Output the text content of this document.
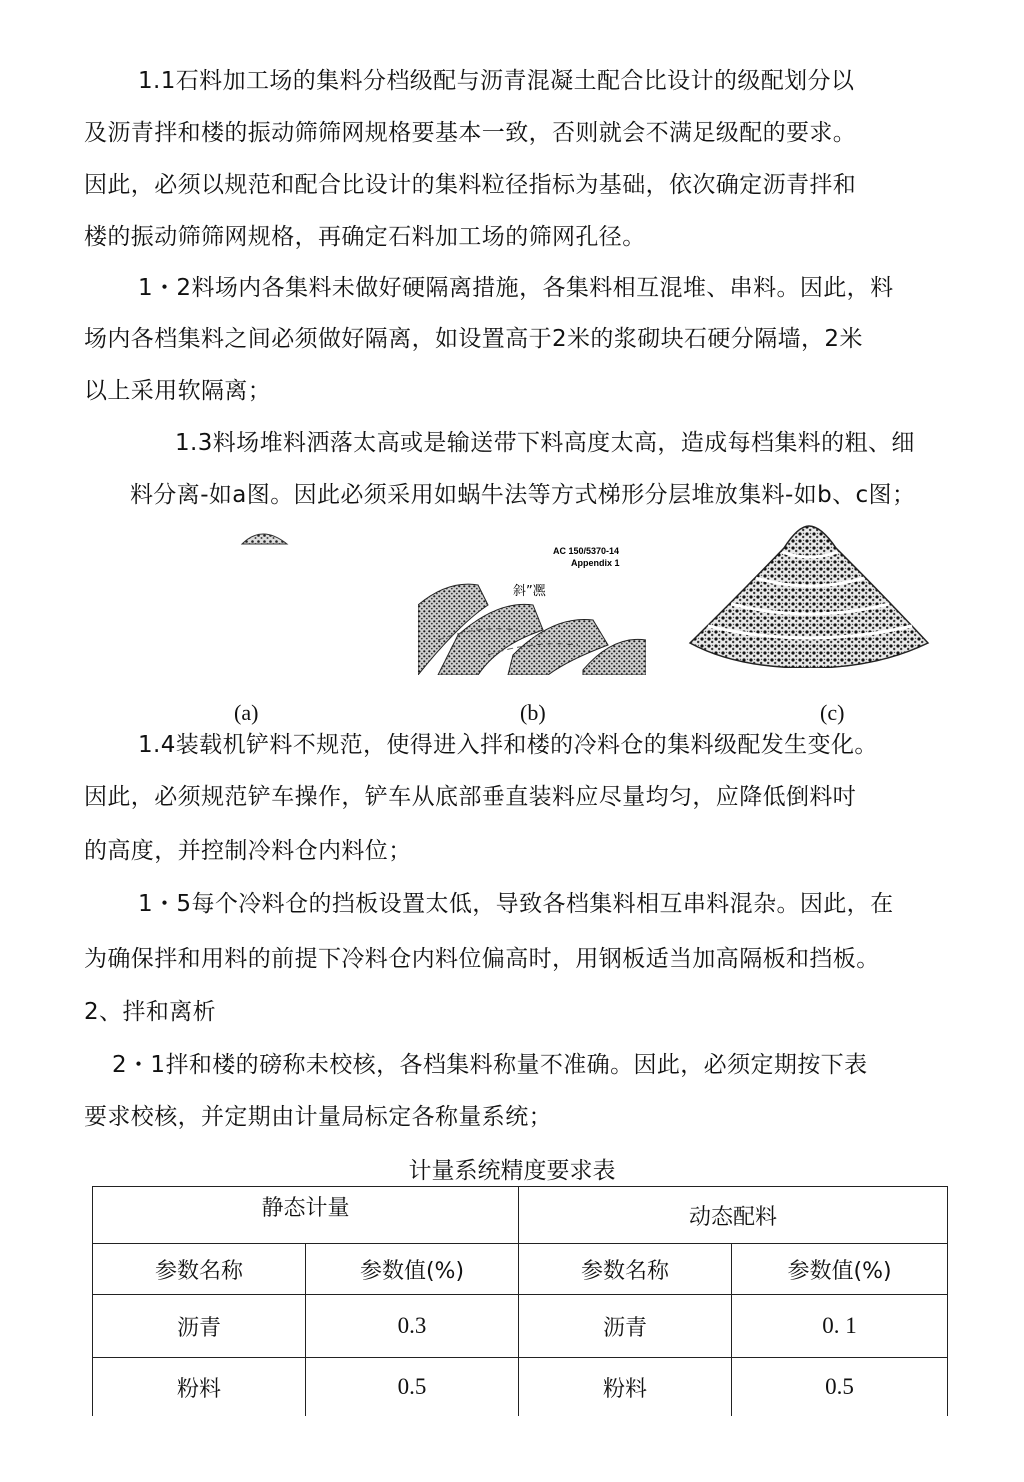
1.1石料加工场的集料分档级配与沥青混凝土配合比设计的级配划分以
及沥青拌和楼的振动筛筛网规格要基本一致，否则就会不满足级配的要求。
因此，必须以规范和配合比设计的集料粒径指标为基础，依次确定沥青拌和
楼的振动筛筛网规格，再确定石料加工场的筛网孔径。
1・2料场内各集料未做好硬隔离措施，各集料相互混堆、串料。因此，料
场内各档集料之间必须做好隔离，如设置高于2米的浆砌块石硬分隔墙，2米
以上采用软隔离；
1.3料场堆料洒落太高或是输送带下料高度太高，造成每档集料的粗、细
料分离-如a图。因此必须采用如蜗牛法等方式梯形分层堆放集料-如b、c图；
AC 150/5370-14
Appendix 1
斜”凞
(a)	(b)	(c)
1.4装载机铲料不规范，使得进入拌和楼的冷料仓的集料级配发生变化。
因此，必须规范铲车操作，铲车从底部垂直装料应尽量均匀，应降低倒料吋
的高度，并控制冷料仓内料位；
1・5每个冷料仓的挡板设置太低，导致各档集料相互串料混杂。因此，在
为确保拌和用料的前提下冷料仓内料位偏高时，用钢板适当加高隔板和挡板。
2、拌和离析
2・1拌和楼的磅称未校核，各档集料称量不准确。因此，必须定期按下表
要求校核，并定期由计量局标定各称量系统；
计量系统精度要求表
静态计量		动态配料	
参数名称	参数值(%)	参数名称	参数值(%)
沥青	0.3	沥青	0. 1
粉料	0.5	粉料	0.5
